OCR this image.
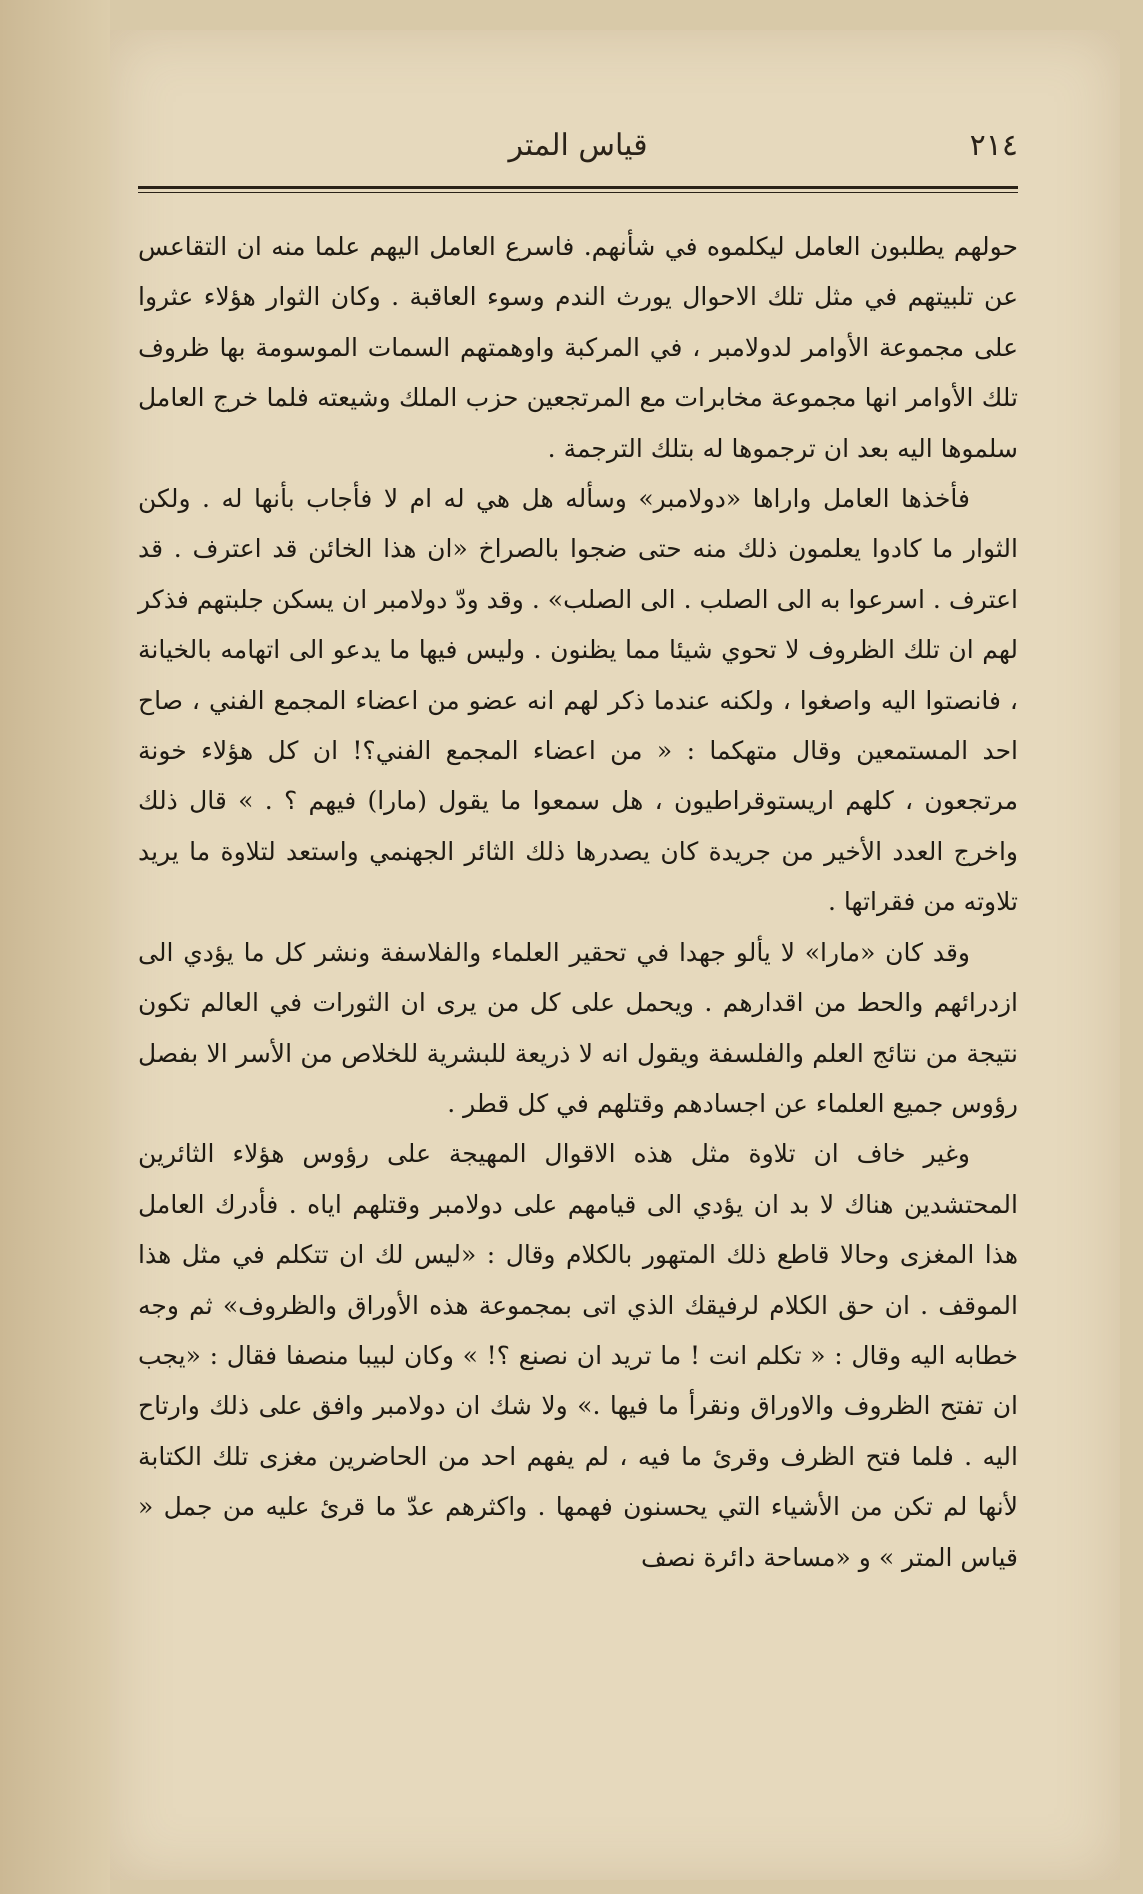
٢١٤
قياس المتر

حولهم يطلبون العامل ليكلموه في شأنهم. فاسرع العامل اليهم علما منه ان التقاعس عن تلبيتهم في مثل تلك الاحوال يورث الندم وسوء العاقبة . وكان الثوار هؤلاء عثروا على مجموعة الأوامر لدولامبر ، في المركبة واوهمتهم السمات الموسومة بها ظروف تلك الأوامر انها مجموعة مخابرات مع المرتجعين حزب الملك وشيعته فلما خرج العامل سلموها اليه بعد ان ترجموها له بتلك الترجمة .

فأخذها العامل واراها «دولامبر» وسأله هل هي له ام لا فأجاب بأنها له . ولكن الثوار ما كادوا يعلمون ذلك منه حتى ضجوا بالصراخ «ان هذا الخائن قد اعترف . قد اعترف . اسرعوا به الى الصلب . الى الصلب» . وقد ودّ دولامبر ان يسكن جلبتهم فذكر لهم ان تلك الظروف لا تحوي شيئا مما يظنون . وليس فيها ما يدعو الى اتهامه بالخيانة ، فانصتوا اليه واصغوا ، ولكنه عندما ذكر لهم انه عضو من اعضاء المجمع الفني ، صاح احد المستمعين وقال متهكما : « من اعضاء المجمع الفني؟! ان كل هؤلاء خونة مرتجعون ، كلهم اريستوقراطيون ، هل سمعوا ما يقول (مارا) فيهم ؟ . » قال ذلك واخرج العدد الأخير من جريدة كان يصدرها ذلك الثائر الجهنمي واستعد لتلاوة ما يريد تلاوته من فقراتها .

وقد كان «مارا» لا يألو جهدا في تحقير العلماء والفلاسفة ونشر كل ما يؤدي الى ازدرائهم والحط من اقدارهم . ويحمل على كل من يرى ان الثورات في العالم تكون نتيجة من نتائج العلم والفلسفة ويقول انه لا ذريعة للبشرية للخلاص من الأسر الا بفصل رؤوس جميع العلماء عن اجسادهم وقتلهم في كل قطر .

وغير خاف ان تلاوة مثل هذه الاقوال المهيجة على رؤوس هؤلاء الثائرين المحتشدين هناك لا بد ان يؤدي الى قيامهم على دولامبر وقتلهم اياه . فأدرك العامل هذا المغزى وحالا قاطع ذلك المتهور بالكلام وقال : «ليس لك ان تتكلم في مثل هذا الموقف . ان حق الكلام لرفيقك الذي اتى بمجموعة هذه الأوراق والظروف» ثم وجه خطابه اليه وقال : « تكلم انت ! ما تريد ان نصنع ؟! » وكان لبيبا منصفا فقال : «يجب ان تفتح الظروف والاوراق ونقرأ ما فيها .» ولا شك ان دولامبر وافق على ذلك وارتاح اليه . فلما فتح الظرف وقرئ ما فيه ، لم يفهم احد من الحاضرين مغزى تلك الكتابة لأنها لم تكن من الأشياء التي يحسنون فهمها . واكثرهم عدّ ما قرئ عليه من جمل « قياس المتر » و «مساحة دائرة نصف
